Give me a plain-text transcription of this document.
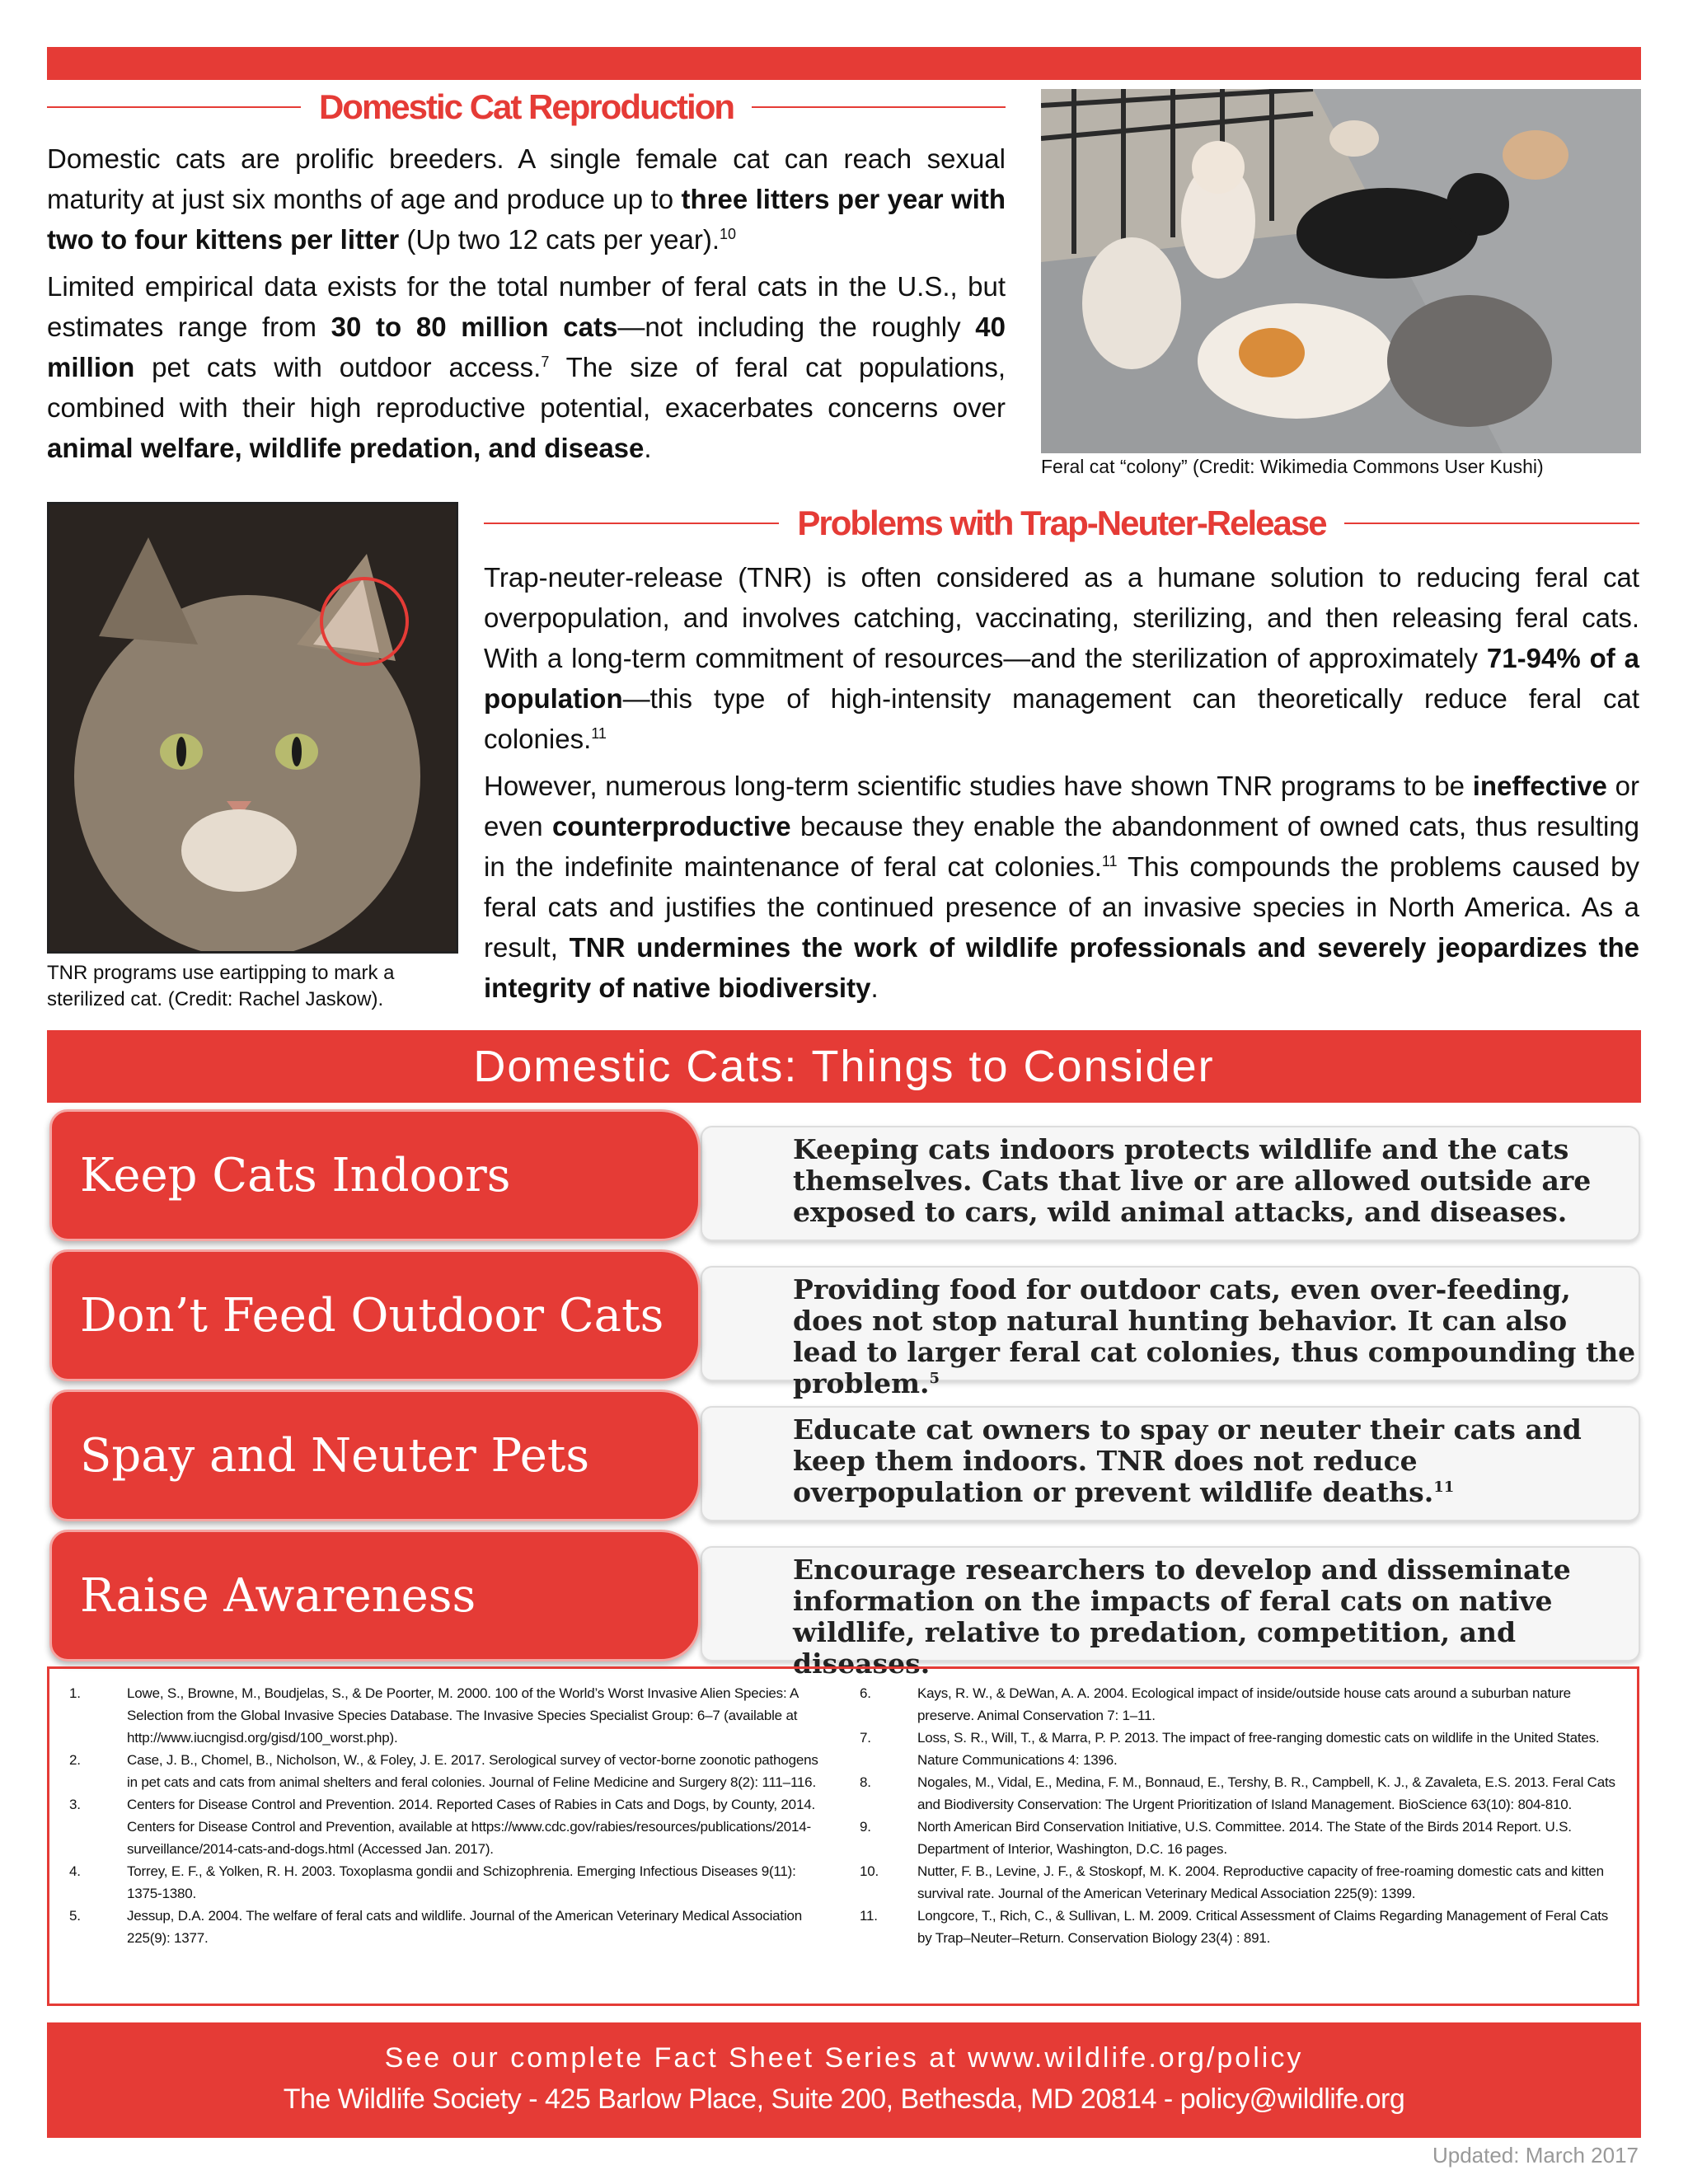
Domestic Cat Reproduction

Domestic cats are prolific breeders. A single female cat can reach sexual maturity at just six months of age and produce up to three litters per year with two to four kittens per litter (Up two 12 cats per year).$^{10}$

Limited empirical data exists for the total number of feral cats in the U.S., but estimates range from 30 to 80 million cats—not including the roughly 40 million pet cats with outdoor access.$^7$ The size of feral cat populations, combined with their high reproductive potential, exacerbates concerns over animal welfare, wildlife predation, and disease.

Feral cat “colony” (Credit: Wikimedia Commons User Kushi)
TNR programs use eartipping to mark a sterilized cat. (Credit: Rachel Jaskow).
Problems with Trap-Neuter-Release

Trap-neuter-release (TNR) is often considered as a humane solution to reducing feral cat overpopulation, and involves catching, vaccinating, sterilizing, and then releasing feral cats. With a long-term commitment of resources—and the sterilization of approximately 71-94% of a population—this type of high-intensity management can theoretically reduce feral cat colonies.$^{11}$

However, numerous long-term scientific studies have shown TNR programs to be ineffective or even counterproductive because they enable the abandonment of owned cats, thus resulting in the indefinite maintenance of feral cat colonies.$^{11}$ This compounds the problems caused by feral cats and justifies the continued presence of an invasive species in North America. As a result, TNR undermines the work of wildlife professionals and severely jeopardizes the integrity of native biodiversity.

Domestic Cats: Things to Consider
Keeping cats indoors protects wildlife and the cats themselves. Cats that live or are allowed outside are exposed to cars, wild animal attacks, and diseases.
Keep Cats Indoors
Providing food for outdoor cats, even over-feeding, does not stop natural hunting behavior. It can also lead to larger feral cat colonies, thus compounding the problem.$^5$
Don’t Feed Outdoor Cats
Educate cat owners to spay or neuter their cats and keep them indoors. TNR does not reduce overpopulation or prevent wildlife deaths.$^{11}$
Spay and Neuter Pets
Encourage researchers to develop and disseminate information on the impacts of feral cats on native wildlife, relative to predation, competition, and diseases.
Raise Awareness
1.	Lowe, S., Browne, M., Boudjelas, S., & De Poorter, M. 2000. 100 of the World’s Worst Invasive Alien Species: A Selection from the Global Invasive Species Database. The Invasive Species Specialist Group: 6–7 (available at http://www.iucngisd.org/gisd/100_worst.php).
2.	Case, J. B., Chomel, B., Nicholson, W., & Foley, J. E. 2017. Serological survey of vector-borne zoonotic pathogens in pet cats and cats from animal shelters and feral colonies. Journal of Feline Medicine and Surgery 8(2): 111–116.
3.	Centers for Disease Control and Prevention. 2014. Reported Cases of Rabies in Cats and Dogs, by County, 2014. Centers for Disease Control and Prevention, available at https://www.cdc.gov/rabies/resources/publications/2014-surveillance/2014-cats-and-dogs.html (Accessed Jan. 2017).
4.	Torrey, E. F., & Yolken, R. H. 2003. Toxoplasma gondii and Schizophrenia. Emerging Infectious Diseases 9(11): 1375-1380.
5.	Jessup, D.A. 2004. The welfare of feral cats and wildlife. Journal of the American Veterinary Medical Association 225(9): 1377.
6.	Kays, R. W., & DeWan, A. A. 2004. Ecological impact of inside/outside house cats around a suburban nature preserve. Animal Conservation 7: 1–11.
7.	Loss, S. R., Will, T., & Marra, P. P. 2013. The impact of free-ranging domestic cats on wildlife in the United States. Nature Communications 4: 1396.
8.	Nogales, M., Vidal, E., Medina, F. M., Bonnaud, E., Tershy, B. R., Campbell, K. J., & Zavaleta, E.S. 2013. Feral Cats and Biodiversity Conservation: The Urgent Prioritization of Island Management. BioScience 63(10): 804-810.
9.	North American Bird Conservation Initiative, U.S. Committee. 2014. The State of the Birds 2014 Report. U.S. Department of Interior, Washington, D.C. 16 pages.
10.	Nutter, F. B., Levine, J. F., & Stoskopf, M. K. 2004. Reproductive capacity of free-roaming domestic cats and kitten survival rate. Journal of the American Veterinary Medical Association 225(9): 1399.
11.	Longcore, T., Rich, C., & Sullivan, L. M. 2009. Critical Assessment of Claims Regarding Management of Feral Cats by Trap–Neuter–Return. Conservation Biology 23(4) : 891.
See our complete Fact Sheet Series at www.wildlife.org/policy
The Wildlife Society - 425 Barlow Place, Suite 200, Bethesda, MD 20814 - policy@wildlife.org
Updated: March 2017
